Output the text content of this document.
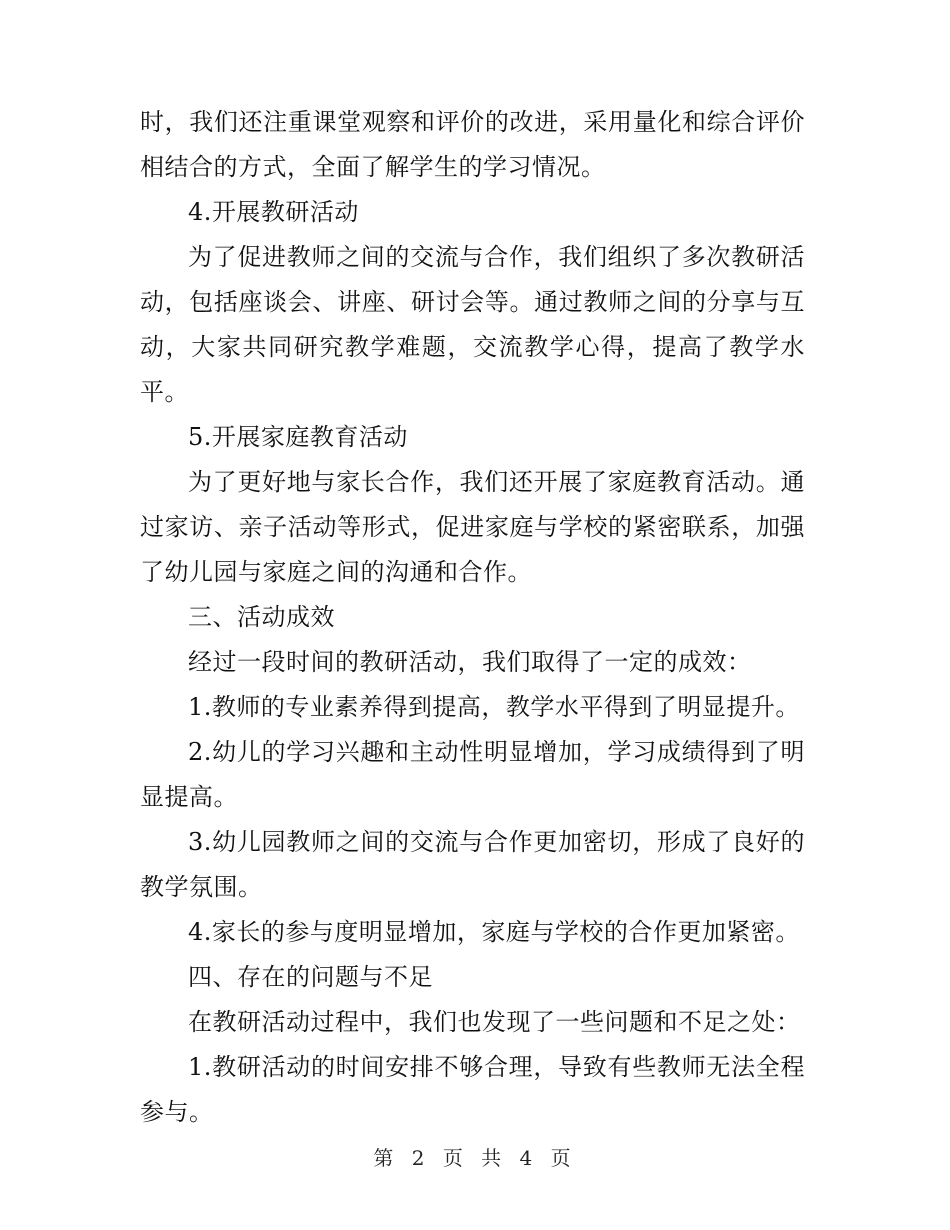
时，我们还注重课堂观察和评价的改进，采用量化和综合评价相结合的方式，全面了解学生的学习情况。

4.开展教研活动

为了促进教师之间的交流与合作，我们组织了多次教研活动，包括座谈会、讲座、研讨会等。通过教师之间的分享与互动，大家共同研究教学难题，交流教学心得，提高了教学水平。

5.开展家庭教育活动

为了更好地与家长合作，我们还开展了家庭教育活动。通过家访、亲子活动等形式，促进家庭与学校的紧密联系，加强了幼儿园与家庭之间的沟通和合作。

三、活动成效

经过一段时间的教研活动，我们取得了一定的成效：

1.教师的专业素养得到提高，教学水平得到了明显提升。

2.幼儿的学习兴趣和主动性明显增加，学习成绩得到了明显提高。

3.幼儿园教师之间的交流与合作更加密切，形成了良好的教学氛围。

4.家长的参与度明显增加，家庭与学校的合作更加紧密。

四、存在的问题与不足

在教研活动过程中，我们也发现了一些问题和不足之处：

1.教研活动的时间安排不够合理，导致有些教师无法全程参与。

第 2 页 共 4 页
